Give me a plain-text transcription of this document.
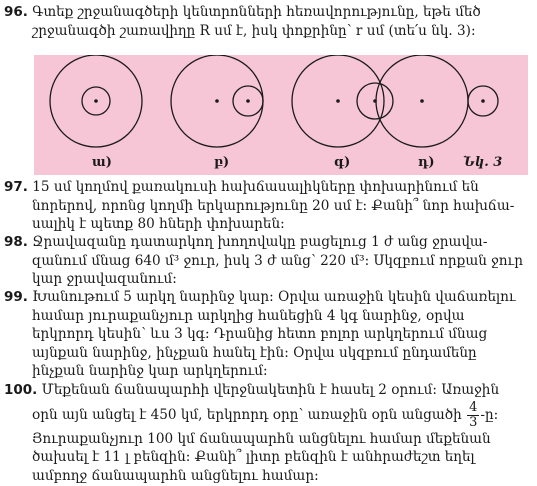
96. Գտեք շրջանագծերի կենտրոնների հեռավորությունը, եթե մեծ
շրջանագծի շառավիղը R սմ է, իսկ փոքրինը՝ r սմ (տե՛ս նկ. 3):
ա)	բ)	գ)	դ) Նկ. 3
97. 15 սմ կողմով քառակուսի հախճասալիկները փոխարինում են
նորերով, որոնց կողմի երկարությունը 20 սմ է: Քանի՞ նոր հախճա-
սալիկ է պետք 80 հների փոխարեն:
98. Ջրավազանը դատարկող խողովակը բացելուց 1 ժ անց ջրավա-
զանում մնաց 640 մ³ ջուր, իսկ 3 ժ անց՝ 220 մ³: Սկզբում որքան ջուր
կար ջրավազանում:
99. Խանութում 5 արկղ նարինջ կար: Օրվա առաջին կեսին վաճառելու
համար յուրաքանչյուր արկղից հանեցին 4 կգ նարինջ, օրվա
երկրորդ կեսին՝ ևս 3 կգ: Դրանից հետո բոլոր արկղերում մնաց
այնքան նարինջ, ինչքան հանել էին: Օրվա սկզբում ընդամենը
ինչքան նարինջ կար արկղերում:
100. Մեքենան ճանապարհի վերջնակետին է հասել 2 օրում: Առաջին
օրն այն անցել է 450 կմ, երկրորդ օրը՝ առաջին օրն անցածի $\frac{4}{3}$ -ը:
Յուրաքանչյուր 100 կմ ճանապարհն անցնելու համար մեքենան
ծախսել է 11 լ բենզին: Քանի՞ լիտր բենզին է անհրաժեշտ եղել
ամբողջ ճանապարհն անցնելու համար:
